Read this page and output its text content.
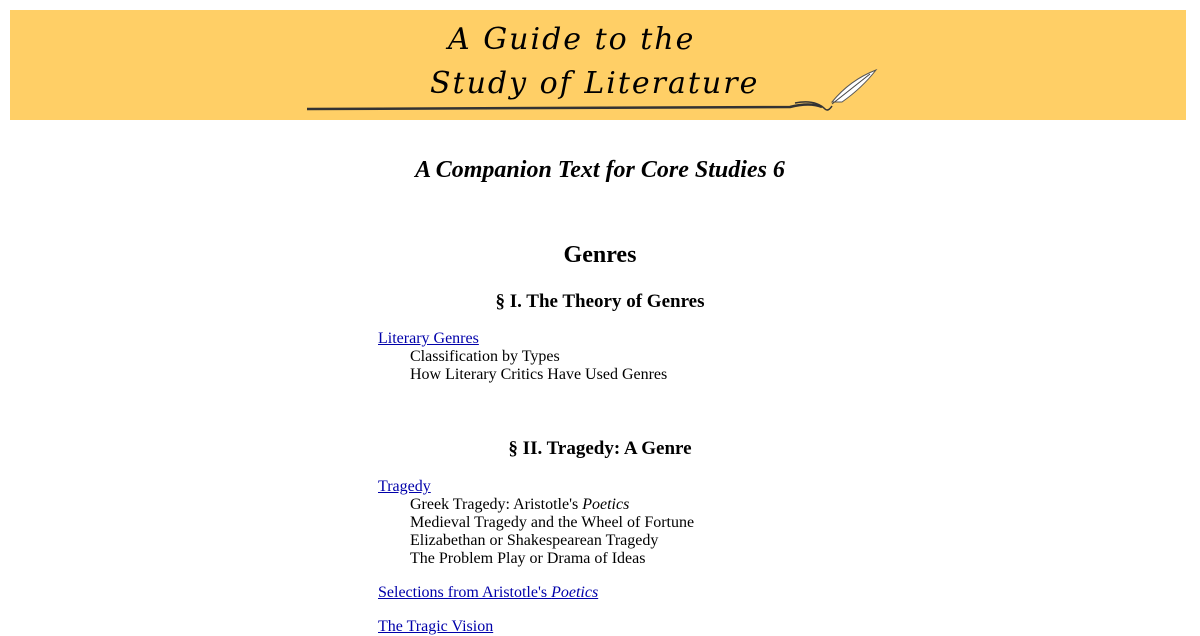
A Guide to the
Study of Literature
A Companion Text for Core Studies 6
Genres
§ I. The Theory of Genres
Literary Genres
Classification by Types
How Literary Critics Have Used Genres
§ II. Tragedy: A Genre
Tragedy
Greek Tragedy: Aristotle's Poetics
Medieval Tragedy and the Wheel of Fortune
Elizabethan or Shakespearean Tragedy
The Problem Play or Drama of Ideas
Selections from Aristotle's Poetics
The Tragic Vision
